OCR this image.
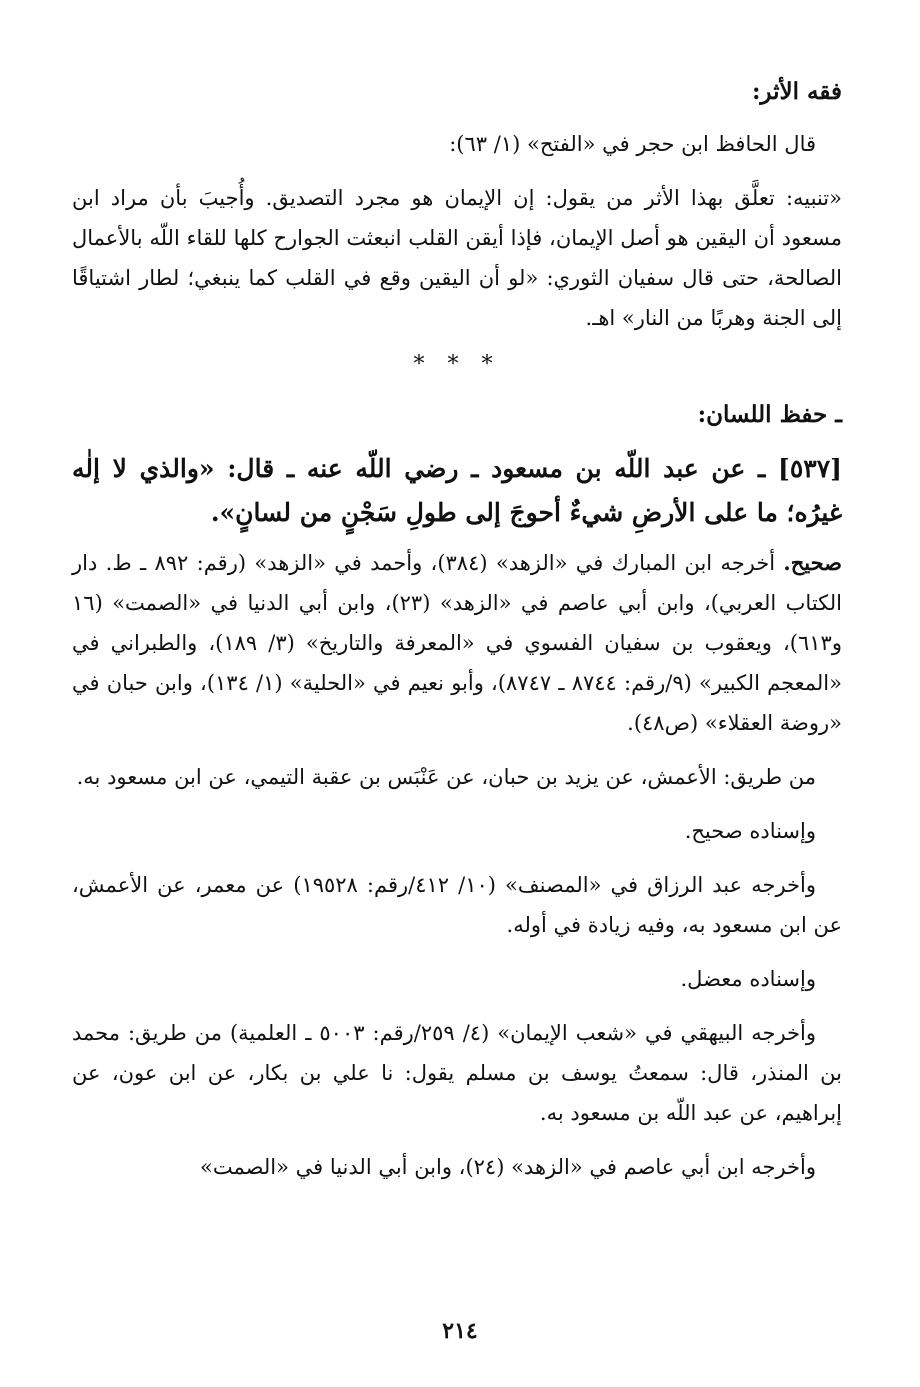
فقه الأثر:

قال الحافظ ابن حجر في «الفتح» (١/ ٦٣):

«تنبيه: تعلَّق بهذا الأثر من يقول: إن الإيمان هو مجرد التصديق. وأُجيبَ بأن مراد ابن مسعود أن اليقين هو أصل الإيمان، فإذا أيقن القلب انبعثت الجوارح كلها للقاء اللّه بالأعمال الصالحة، حتى قال سفيان الثوري: «لو أن اليقين وقع في القلب كما ينبغي؛ لطار اشتياقًا إلى الجنة وهربًا من النار» اهـ.

* * *
ـ حفظ اللسان:

[٥٣٧] ـ عن عبد اللّه بن مسعود ـ رضي اللّه عنه ـ قال: «والذي لا إلٰه غيرُه؛ ما على الأرضِ شيءٌ أحوجَ إلى طولِ سَجْنٍ من لسانٍ».

صحيح. أخرجه ابن المبارك في «الزهد» (٣٨٤)، وأحمد في «الزهد» (رقم: ٨٩٢ ـ ط. دار الكتاب العربي)، وابن أبي عاصم في «الزهد» (٢٣)، وابن أبي الدنيا في «الصمت» (١٦ و٦١٣)، ويعقوب بن سفيان الفسوي في «المعرفة والتاريخ» (٣/ ١٨٩)، والطبراني في «المعجم الكبير» (٩/رقم: ٨٧٤٤ ـ ٨٧٤٧)، وأبو نعيم في «الحلية» (١/ ١٣٤)، وابن حبان في «روضة العقلاء» (ص٤٨).

من طريق: الأعمش، عن يزيد بن حبان، عن عَنْبَس بن عقبة التيمي، عن ابن مسعود به.

وإسناده صحيح.

وأخرجه عبد الرزاق في «المصنف» (١٠/ ٤١٢/رقم: ١٩٥٢٨) عن معمر، عن الأعمش، عن ابن مسعود به، وفيه زيادة في أوله.

وإسناده معضل.

وأخرجه البيهقي في «شعب الإيمان» (٤/ ٢٥٩/رقم: ٥٠٠٣ ـ العلمية) من طريق: محمد بن المنذر، قال: سمعتُ يوسف بن مسلم يقول: نا علي بن بكار، عن ابن عون، عن إبراهيم، عن عبد اللّه بن مسعود به.

وأخرجه ابن أبي عاصم في «الزهد» (٢٤)، وابن أبي الدنيا في «الصمت»

٢١٤
